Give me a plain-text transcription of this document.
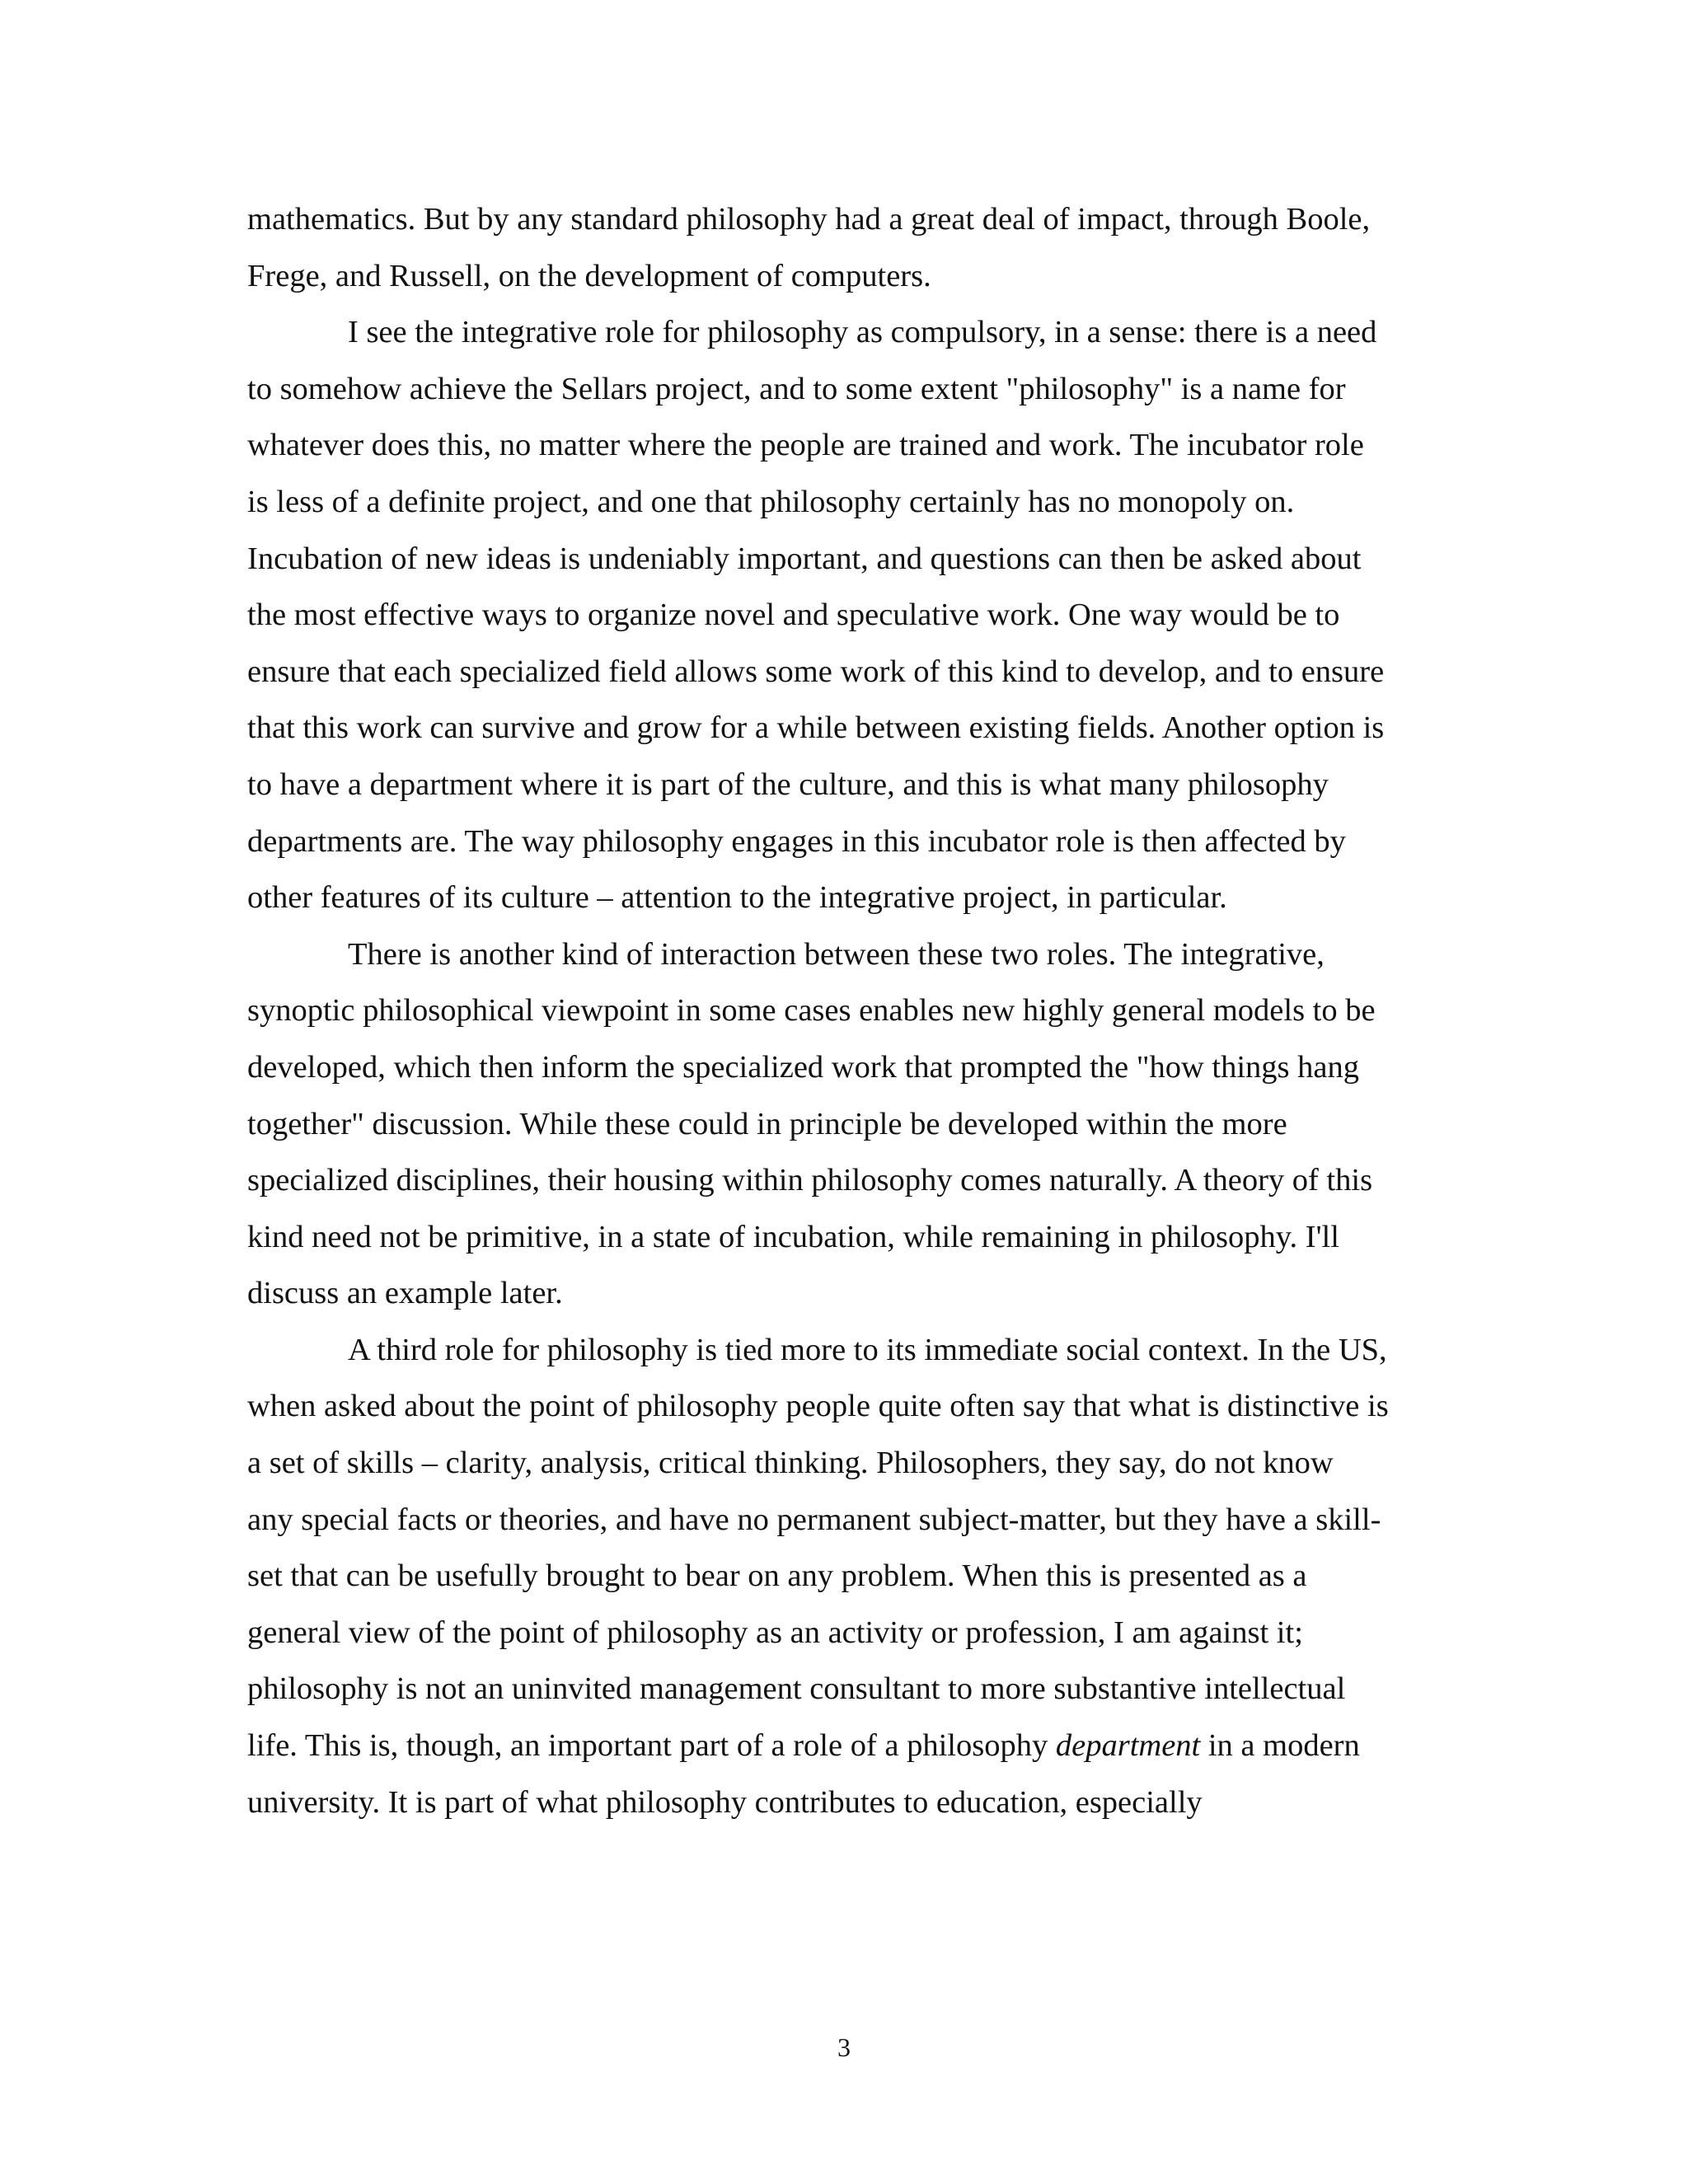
mathematics. But by any standard philosophy had a great deal of impact, through Boole,
Frege, and Russell, on the development of computers.
I see the integrative role for philosophy as compulsory, in a sense: there is a need
to somehow achieve the Sellars project, and to some extent "philosophy" is a name for
whatever does this, no matter where the people are trained and work. The incubator role
is less of a definite project, and one that philosophy certainly has no monopoly on.
Incubation of new ideas is undeniably important, and questions can then be asked about
the most effective ways to organize novel and speculative work. One way would be to
ensure that each specialized field allows some work of this kind to develop, and to ensure
that this work can survive and grow for a while between existing fields. Another option is
to have a department where it is part of the culture, and this is what many philosophy
departments are. The way philosophy engages in this incubator role is then affected by
other features of its culture – attention to the integrative project, in particular.
There is another kind of interaction between these two roles. The integrative,
synoptic philosophical viewpoint in some cases enables new highly general models to be
developed, which then inform the specialized work that prompted the "how things hang
together" discussion. While these could in principle be developed within the more
specialized disciplines, their housing within philosophy comes naturally. A theory of this
kind need not be primitive, in a state of incubation, while remaining in philosophy. I'll
discuss an example later.
A third role for philosophy is tied more to its immediate social context. In the US,
when asked about the point of philosophy people quite often say that what is distinctive is
a set of skills – clarity, analysis, critical thinking. Philosophers, they say, do not know
any special facts or theories, and have no permanent subject-matter, but they have a skill-
set that can be usefully brought to bear on any problem. When this is presented as a
general view of the point of philosophy as an activity or profession, I am against it;
philosophy is not an uninvited management consultant to more substantive intellectual
life. This is, though, an important part of a role of a philosophy department in a modern
university. It is part of what philosophy contributes to education, especially
3
